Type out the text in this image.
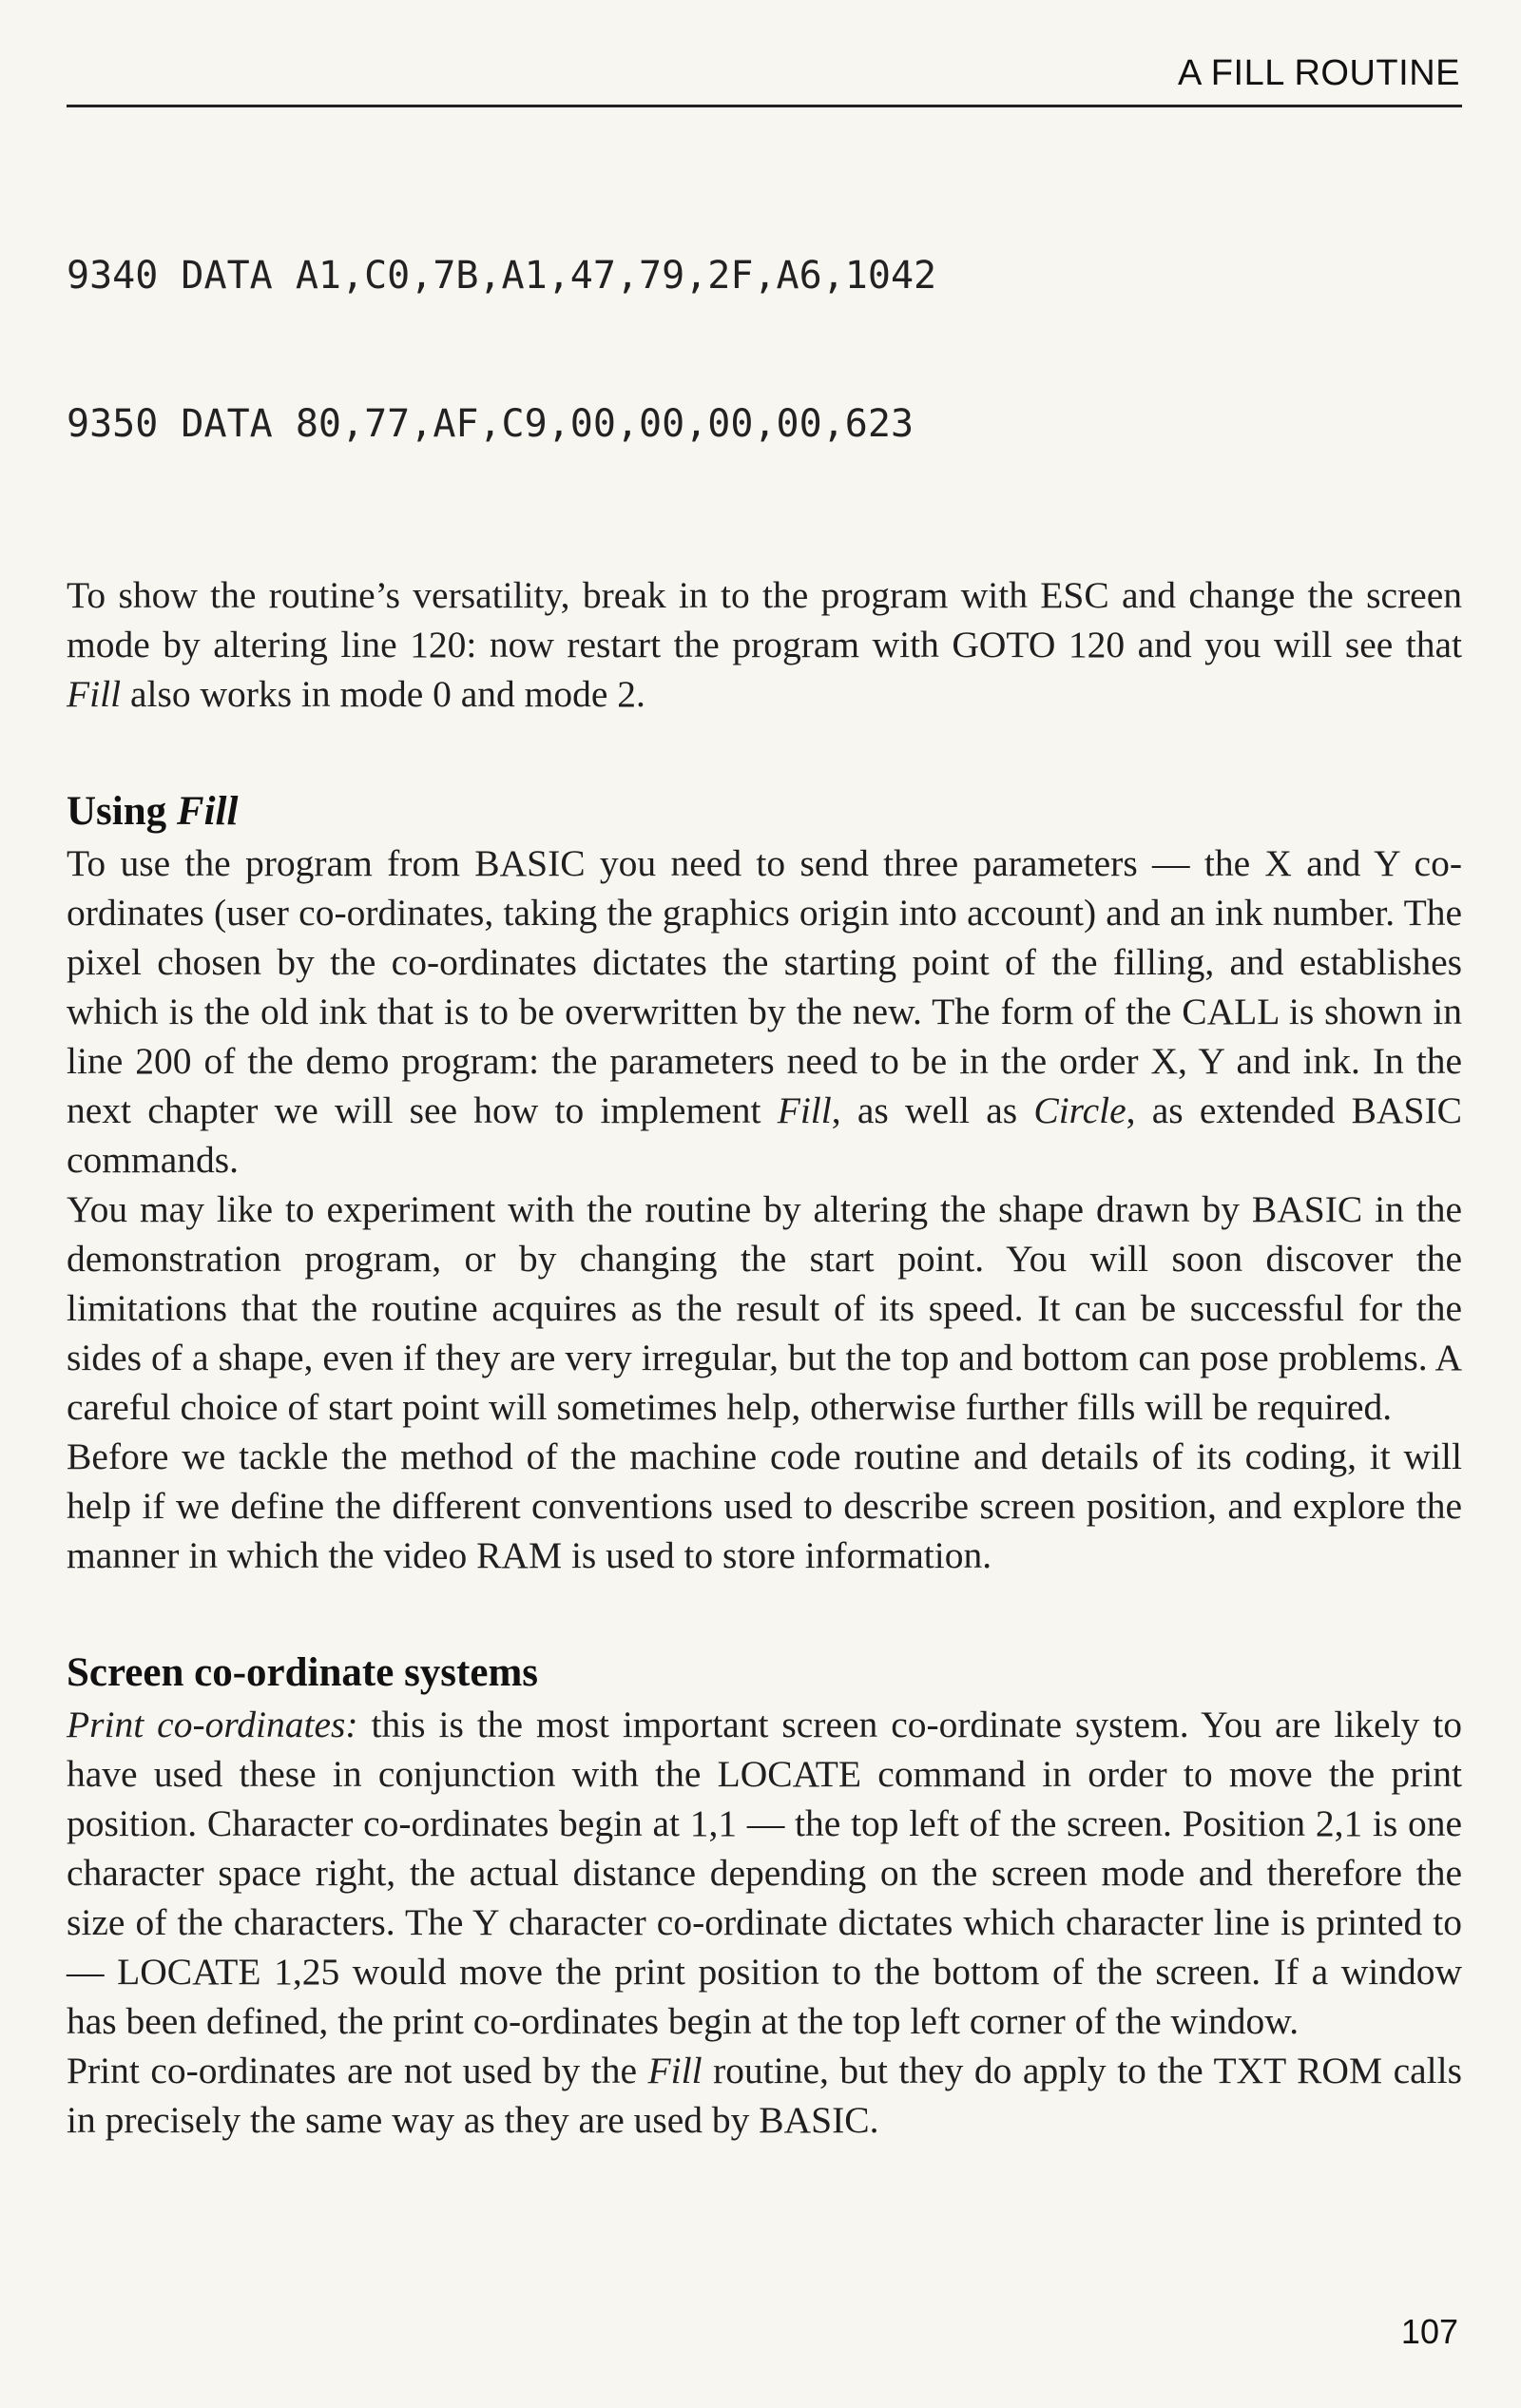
A FILL ROUTINE

9340 DATA A1,C0,7B,A1,47,79,2F,A6,1042

9350 DATA 80,77,AF,C9,00,00,00,00,623

To show the routine’s versatility, break in to the program with ESC and change the screen mode by altering line 120: now restart the program with GOTO 120 and you will see that Fill also works in mode 0 and mode 2.

Using Fill

To use the program from BASIC you need to send three parameters — the X and Y co-ordinates (user co-ordinates, taking the graphics origin into account) and an ink number. The pixel chosen by the co-ordinates dictates the starting point of the filling, and establishes which is the old ink that is to be overwritten by the new. The form of the CALL is shown in line 200 of the demo program: the parameters need to be in the order X, Y and ink. In the next chapter we will see how to implement Fill, as well as Circle, as extended BASIC commands.

You may like to experiment with the routine by altering the shape drawn by BASIC in the demonstration program, or by changing the start point. You will soon discover the limitations that the routine acquires as the result of its speed. It can be successful for the sides of a shape, even if they are very irregular, but the top and bottom can pose problems. A careful choice of start point will sometimes help, otherwise further fills will be required.

Before we tackle the method of the machine code routine and details of its coding, it will help if we define the different conventions used to describe screen position, and explore the manner in which the video RAM is used to store information.

Screen co-ordinate systems

Print co-ordinates: this is the most important screen co-ordinate system. You are likely to have used these in conjunction with the LOCATE command in order to move the print position. Character co-ordinates begin at 1,1 — the top left of the screen. Position 2,1 is one character space right, the actual distance depending on the screen mode and therefore the size of the characters. The Y character co-ordinate dictates which character line is printed to — LOCATE 1,25 would move the print position to the bottom of the screen. If a window has been defined, the print co-ordinates begin at the top left corner of the window.

Print co-ordinates are not used by the Fill routine, but they do apply to the TXT ROM calls in precisely the same way as they are used by BASIC.

107
